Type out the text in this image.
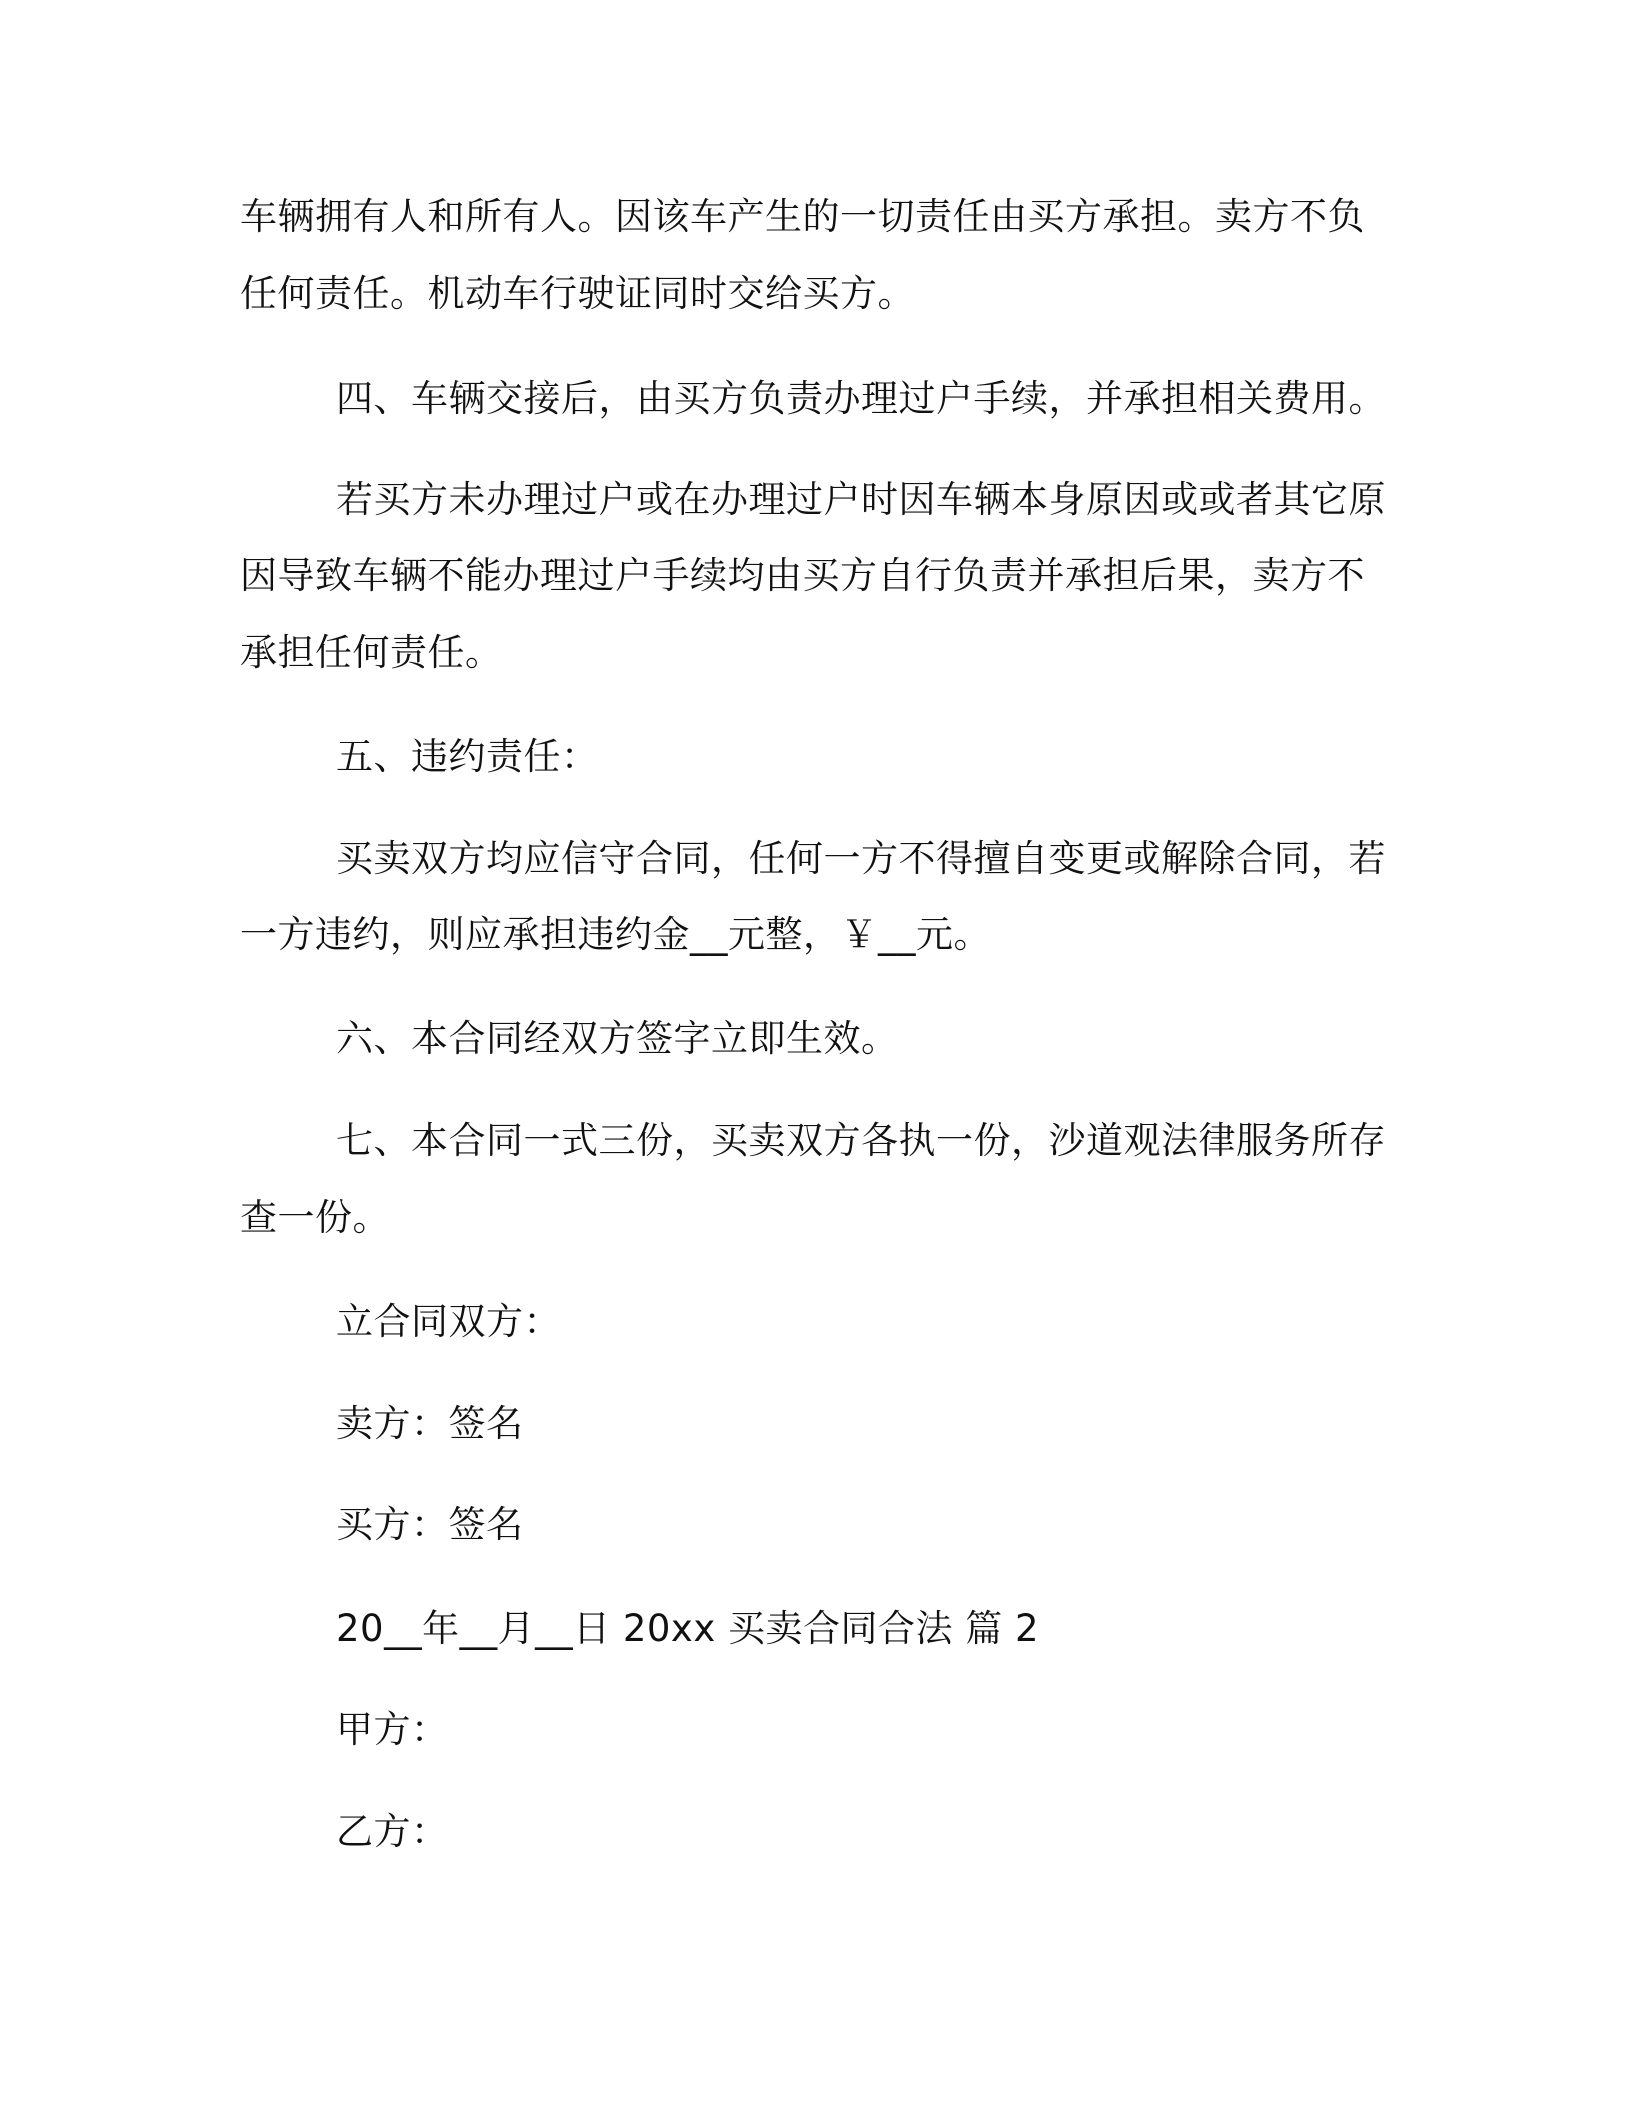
车辆拥有人和所有人。因该车产生的一切责任由买方承担。卖方不负
任何责任。机动车行驶证同时交给买方。
四、车辆交接后，由买方负责办理过户手续，并承担相关费用。
若买方未办理过户或在办理过户时因车辆本身原因或或者其它原
因导致车辆不能办理过户手续均由买方自行负责并承担后果，卖方不
承担任何责任。
五、违约责任：
买卖双方均应信守合同，任何一方不得擅自变更或解除合同，若
一方违约，则应承担违约金__元整，￥__元。
六、本合同经双方签字立即生效。
七、本合同一式三份，买卖双方各执一份，沙道观法律服务所存
查一份。
立合同双方：
卖方：签名
买方：签名
20__年__月__日 20xx 买卖合同合法 篇 2
甲方：
乙方：
